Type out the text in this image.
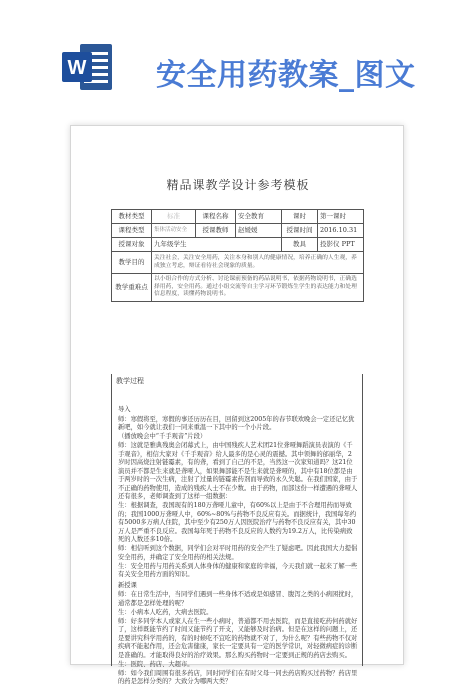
W 安全用药教案_图文
精品课教学设计参考模板
教材类型	标准	课程名称	安全教育	课时	第一课时
课程类型	集体活动安全	授课教师	赵媛媛	授课时间	2016.10.31
授课对象	九年级学生			教具	投影仪 PPT
教学目的	关注社会，关注安全用药，关注本身和别人的健康情况，培养正确的人生观，养成独立考虑，辩证看待社会现象的质量。				
教学重难点	以小组合作的方式分析、讨论课前预备的药品说明书，依据药物说明书，正确选择用药，安全用药。通过小组交流等自主学习环节锻炼生学生的表达能力和处理信息程度，读懂药物说明书。				
教学过程

导入

师：寒假将至，寒假的事还历历在目，回留到这2005年的春节联欢晚会一定还记忆犹新吧，如今就让我们一同来重温一下其中的一个小片段。

（播放晚会中“千手观音”片段）

师：这就是雅典残奥会闭幕式上，由中国残疾人艺术团21位聋哑舞蹈演员表演的《千手观音》，相信大家对《千手观音》给人最多的是心灵的震撼。其中领舞的邰丽华，2岁时因高烧注射链霉素，有的聋，看到了自己的不是，当然这一次家知道吗？这21位演员并不都是生来就是聋哑人，如果舞部能不是生来就是聋哑的，其中有18位都是由于两岁时的一次生病，注射了过量的链霉素药剂而导致的永久失聪。在我们国家，由于不正确的药物使用，造成的残疾人士不在少数。由于药物，而部这份一样遭遇的聋哑人还有很多，老师调查到了这样一组数据：

生：根据调查，我国现有的180万聋哑儿童中，有60%以上是由于不合理用药而导致的；我国1000万聋哑人中，60%~80%与药物不良反应有关。而据统计，我国每年约有5000多万病人住院，其中至少有250万人因医院治疗与药物不良反应有关，其中30万人是严重不良反应。我国每年死于药物不良反应的人数约为19.2万人，比传染病致死的人数还多10倍。

师：相信听到这个数据，同学们会对平时用药的安全产生了疑虑吧。因此我国大力提倡安全用药，并确定了安全用药的相关法规。

生：安全用药与用药关系到人体身体的健康和家庭的幸福，今天我们就一起来了解一些有关安全用药方面的知识。

新授课

师：在日常生活中，当同学们遇到一些身体不适或是如感冒、腹泻之类的小病困扰时，通常都是怎样处理的呢？

生：小病本人吃药，大病去医院。

师：好多同学本人或家人在生一些小病时，普通都不用去医院，而是直接吃药何药就好了，这样既能节约了时间又能节约了开支，又能够及时治病。但是在这样的问题上，还是要讲究科学用药的，有的时候吃不宜吃的药物就不对了，为什么呢？有些药物不仅对疾病不能起作用，还会危害健康，家长一定要具有一定的医学常识，对轻微病症的诊断是准确的。才能取得良好的治疗效果。那么购买药物时一定要到正规的药店去购买。

生：医院、药店、大超市。

师：如今我们周围有很多药店，同时同学们在有时父母一同去药店购买过药物？药店里的药是怎样分类的？大致分为哪两大类？
